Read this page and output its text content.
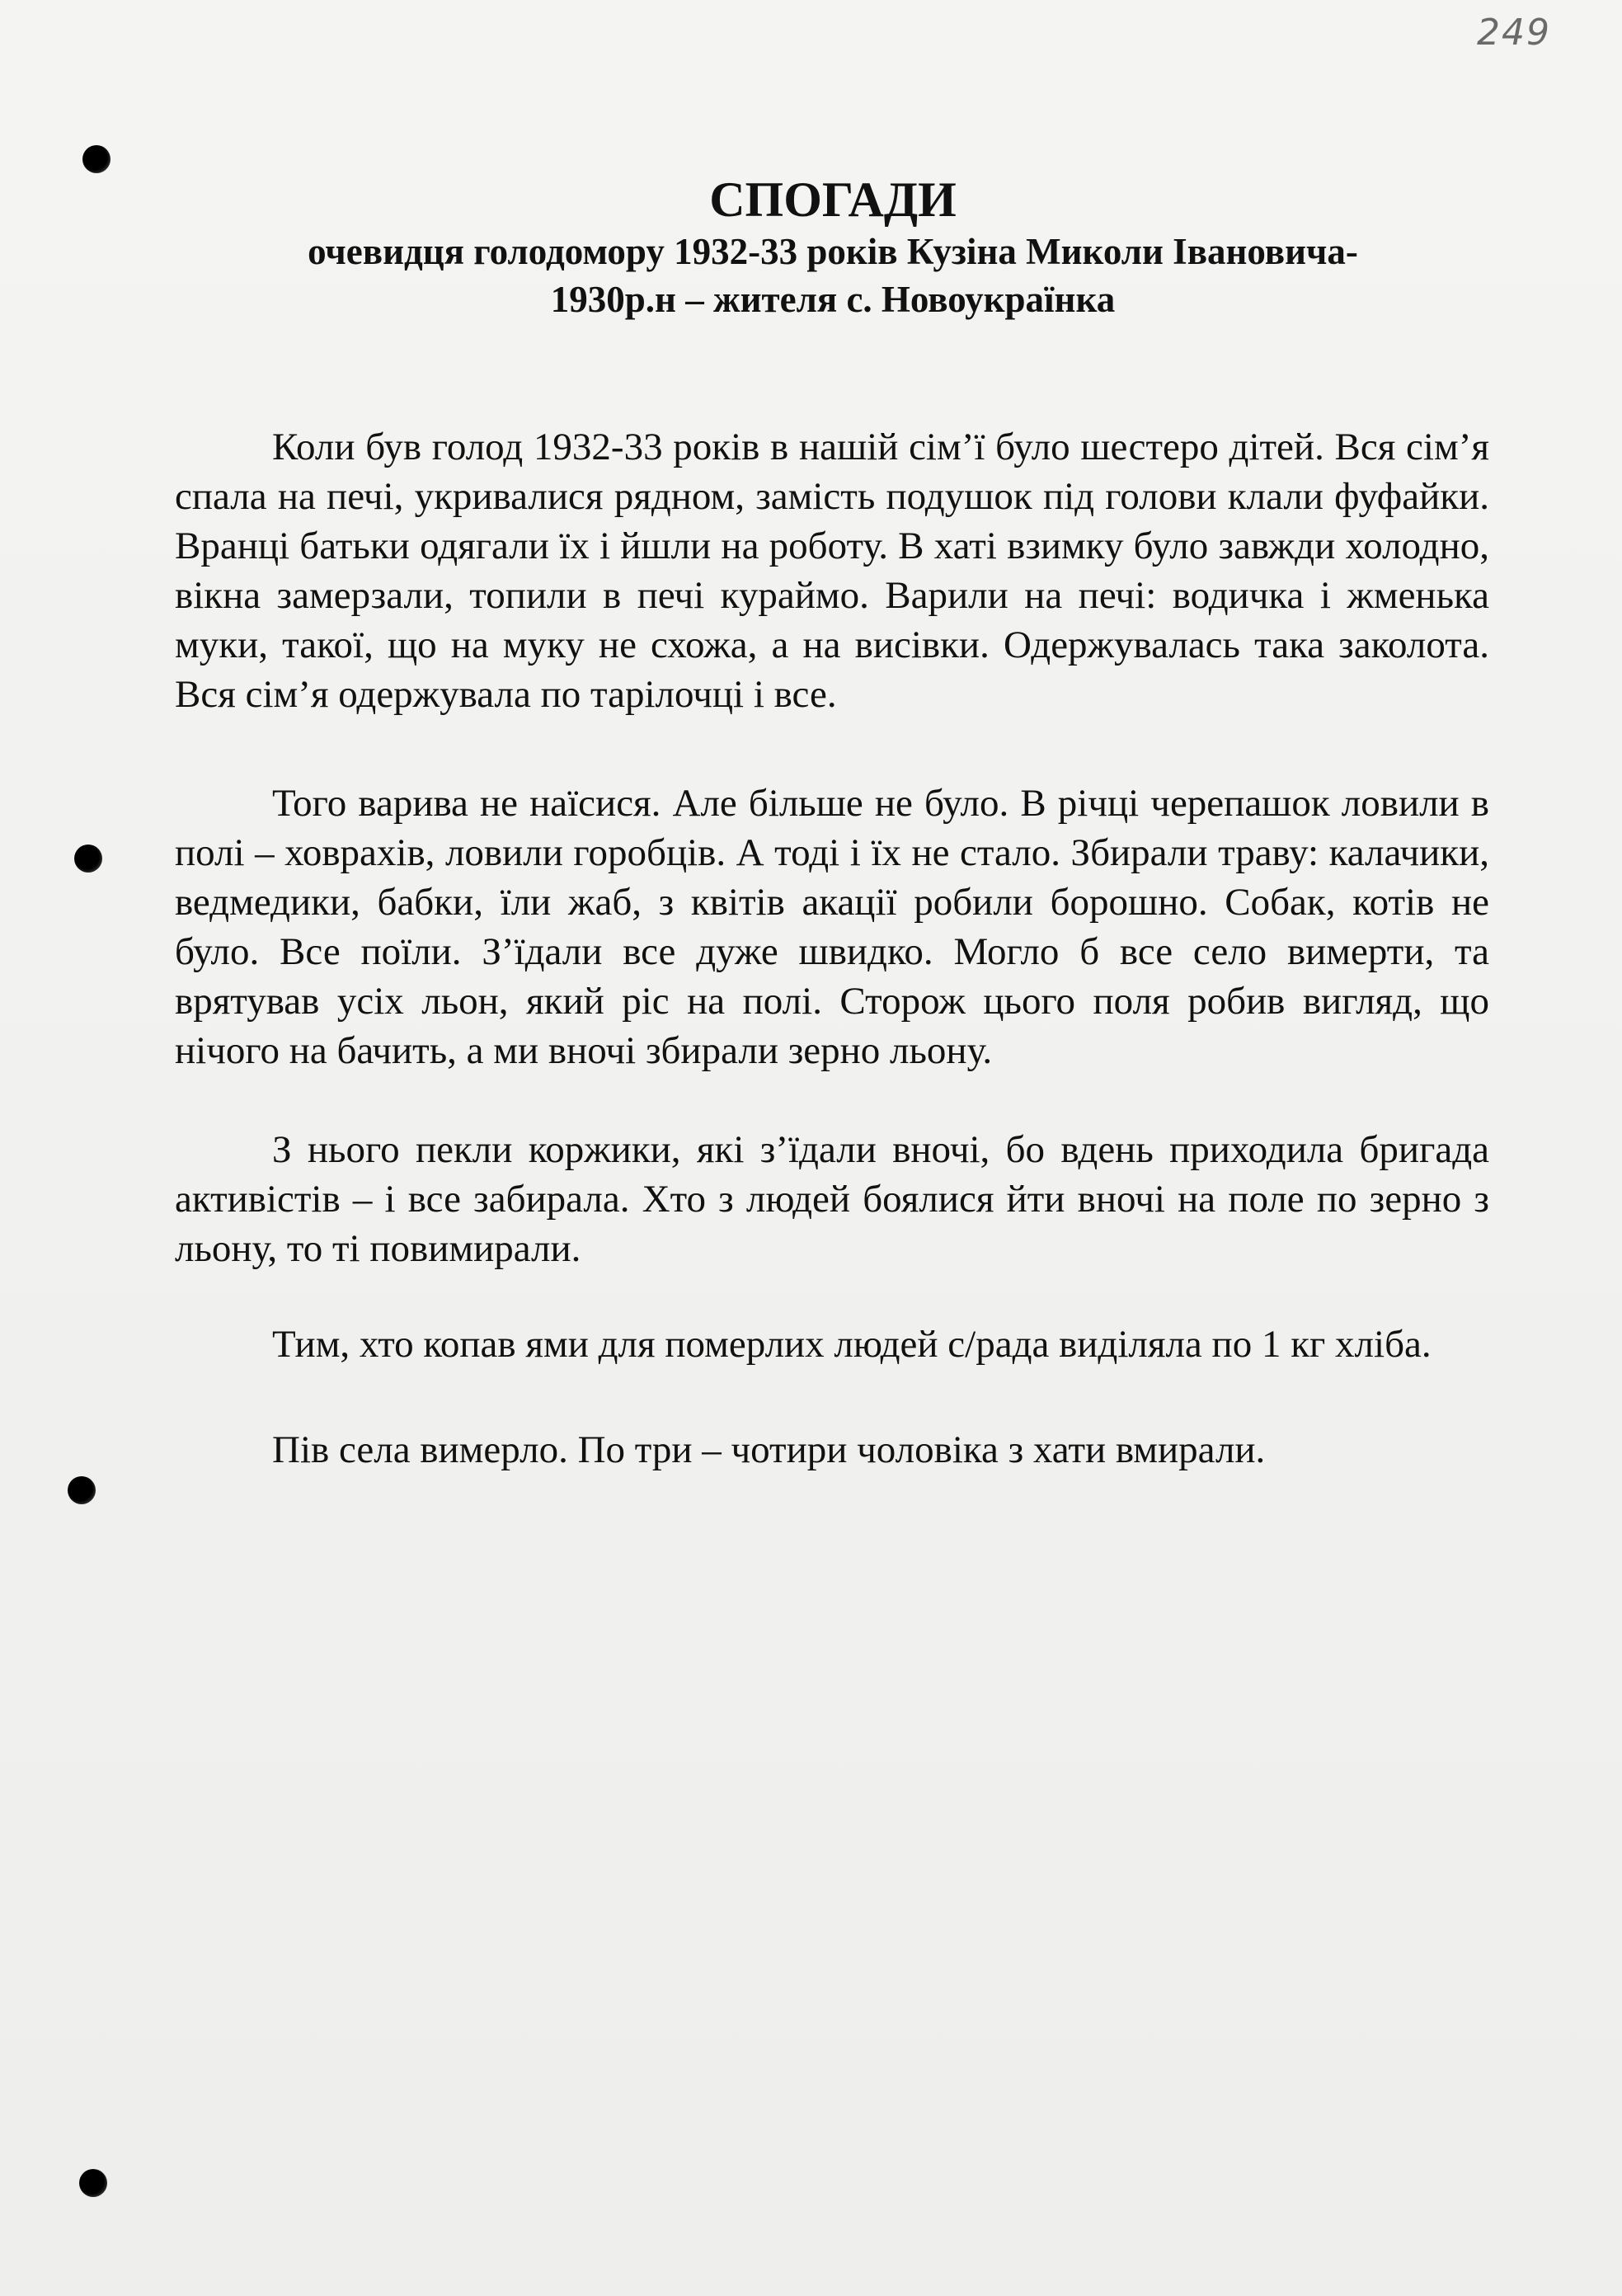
249

СПОГАДИ

очевидця голодомору 1932-33 років Кузіна Миколи Івановича-

1930р.н – жителя с. Новоукраїнка

Коли був голод 1932-33 років в нашій сім’ї було шестеро дітей. Вся сім’я спала на печі, укривалися рядном, замість подушок під голови клали фуфайки. Вранці батьки одягали їх і йшли на роботу. В хаті взимку було завжди холодно, вікна замерзали, топили в печі кураймо. Варили на печі: водичка і жменька муки, такої, що на муку не схожа, а на висівки. Одержувалась така заколота. Вся сім’я одержувала по тарілочці і все.

Того варива не наїсися. Але більше не було. В річці черепашок ловили в полі – ховрахів, ловили горобців. А тоді і їх не стало. Збирали траву: калачики, ведмедики, бабки, їли жаб, з квітів акації робили борошно. Собак, котів не було. Все поїли. З’їдали все дуже швидко. Могло б все село вимерти, та врятував усіх льон, який ріс на полі. Сторож цього поля робив вигляд, що нічого на бачить, а ми вночі збирали зерно льону.

З нього пекли коржики, які з’їдали вночі, бо вдень приходила бригада активістів – і все забирала. Хто з людей боялися йти вночі на поле по зерно з льону, то ті повимирали.

Тим, хто копав ями для померлих людей с/рада виділяла по 1 кг хліба.

Пів села вимерло. По три – чотири чоловіка з хати вмирали.
